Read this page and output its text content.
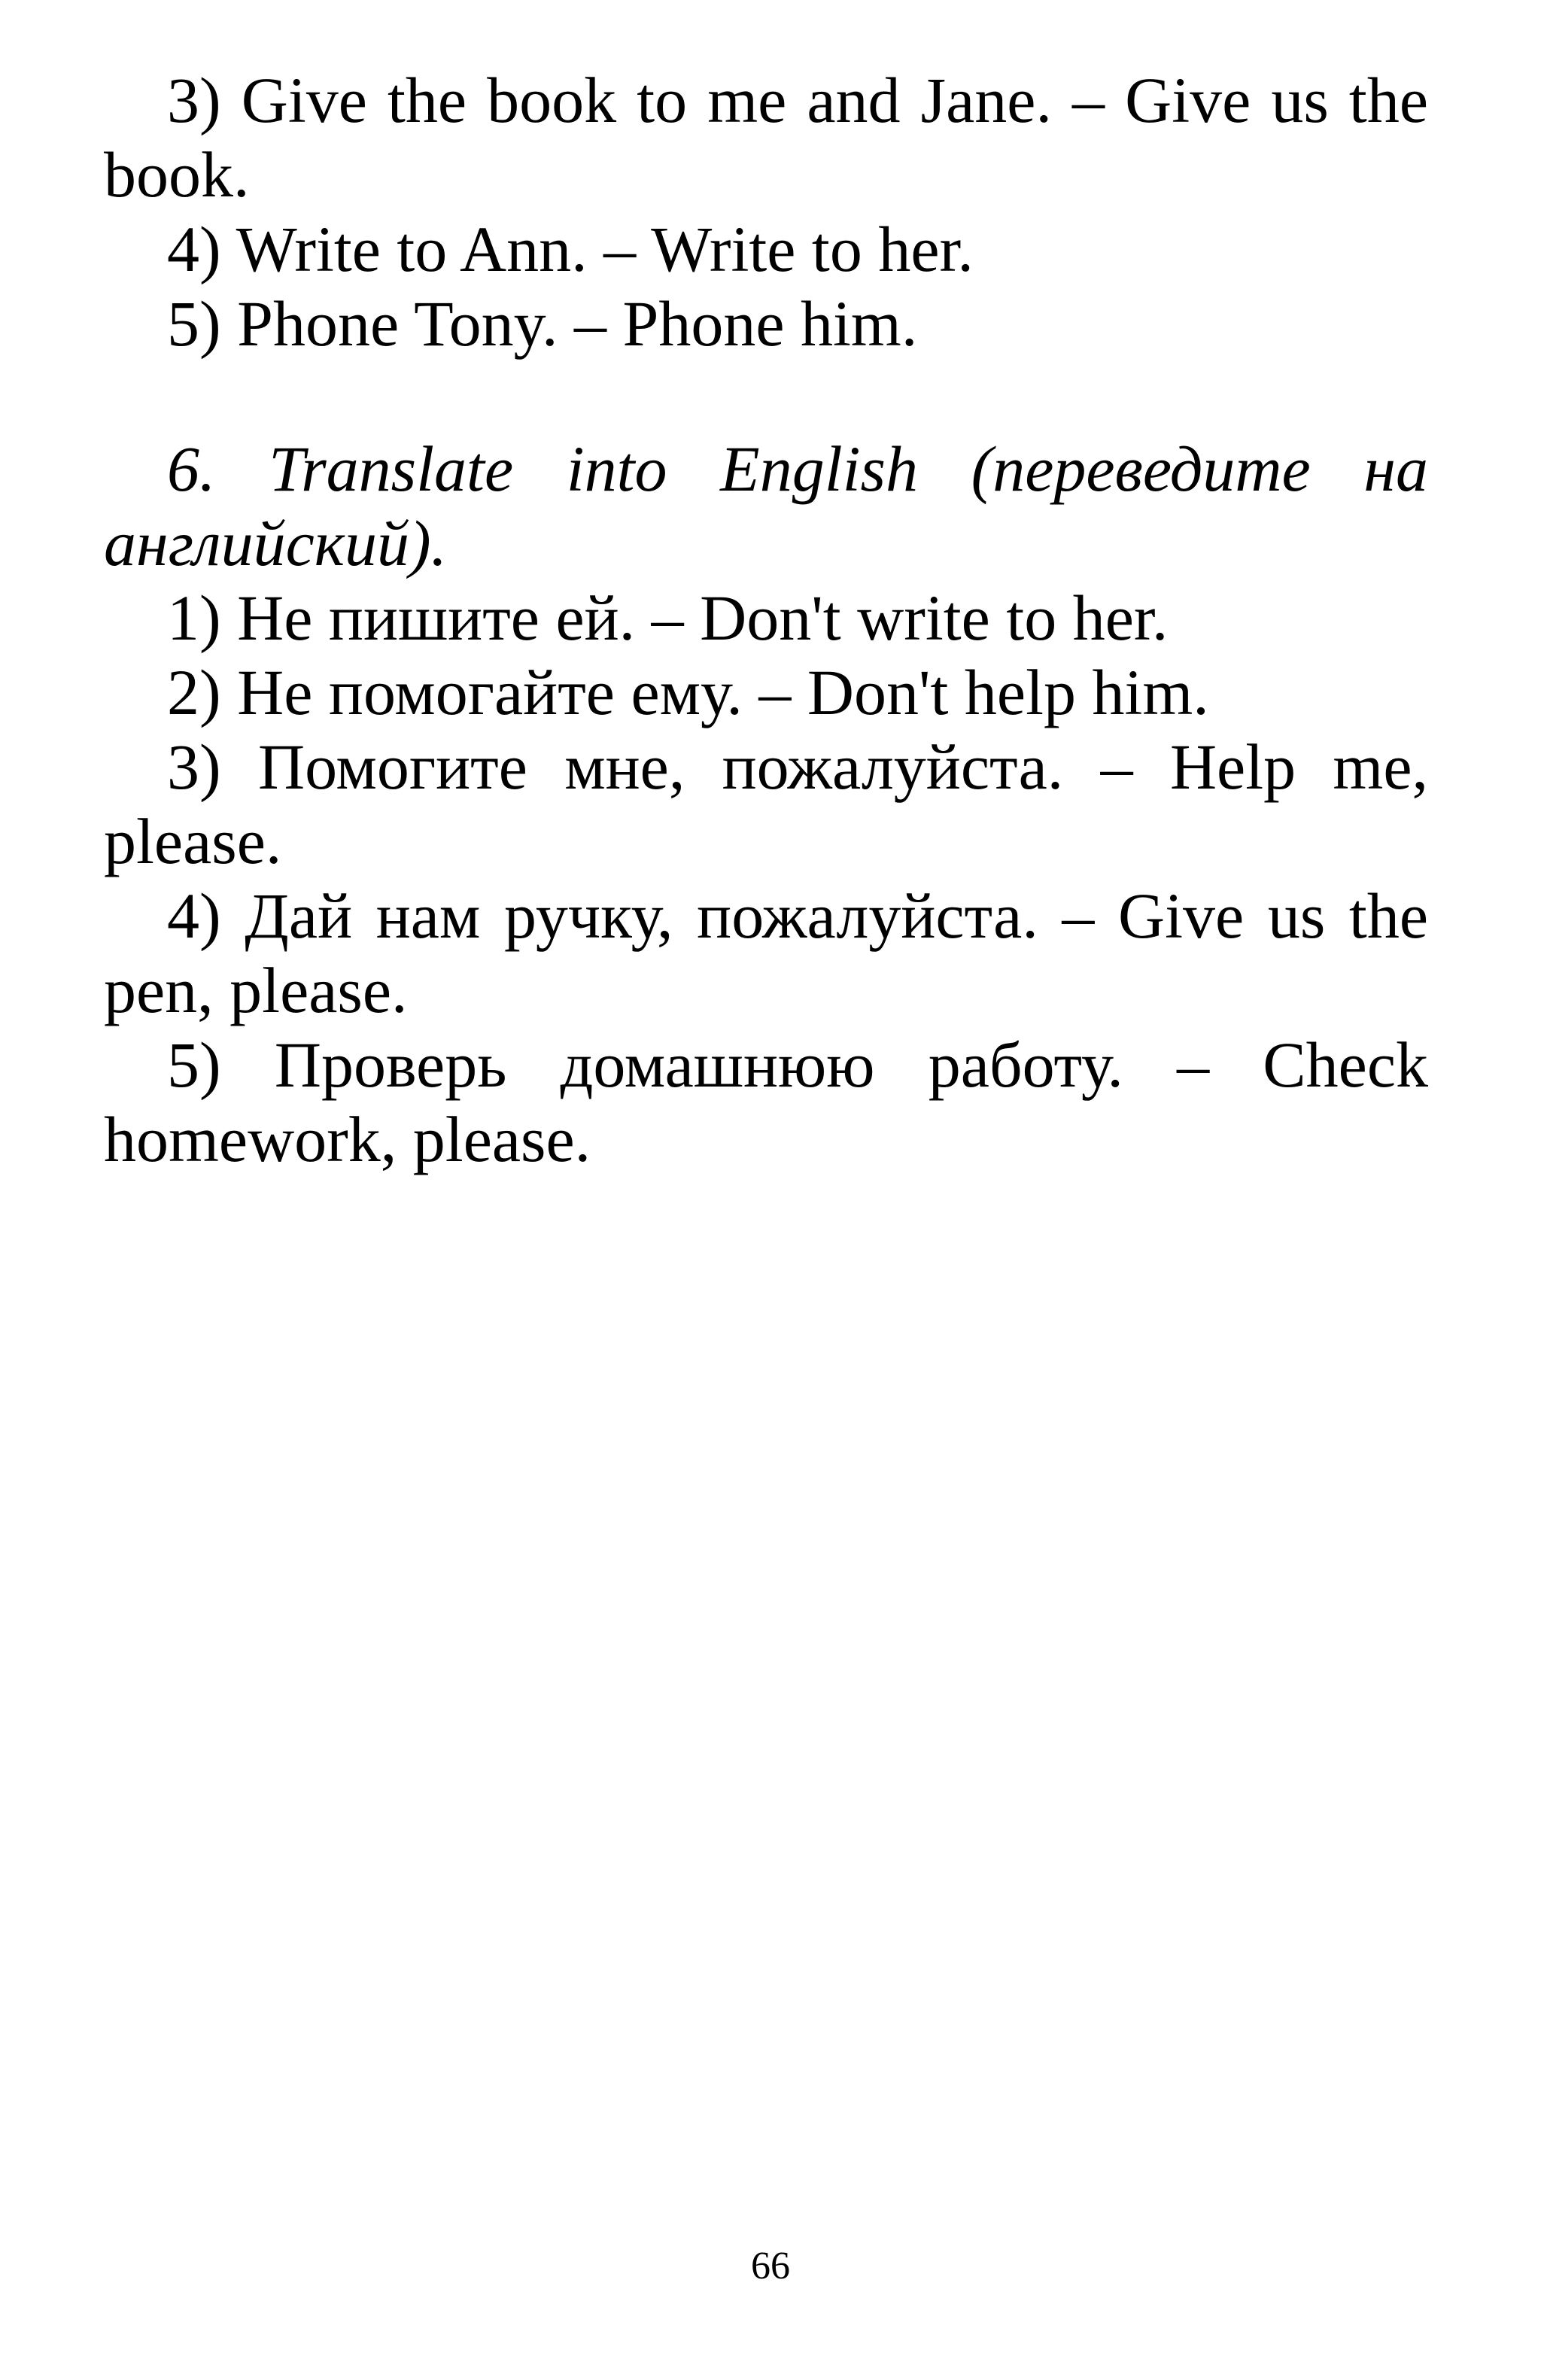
3) Give the book to me and Jane. – Give us the book.

4) Write to Ann. – Write to her.

5) Phone Tony. – Phone him.

6. Translate into English (переведите на английский).

1) Не пишите ей. – Don't write to her.

2) Не помогайте ему. – Don't help him.

3) Помогите мне, пожалуйста. – Help me, please.

4) Дай нам ручку, пожалуйста. – Give us the pen, please.

5) Проверь домашнюю работу. – Check homework, please.

66
